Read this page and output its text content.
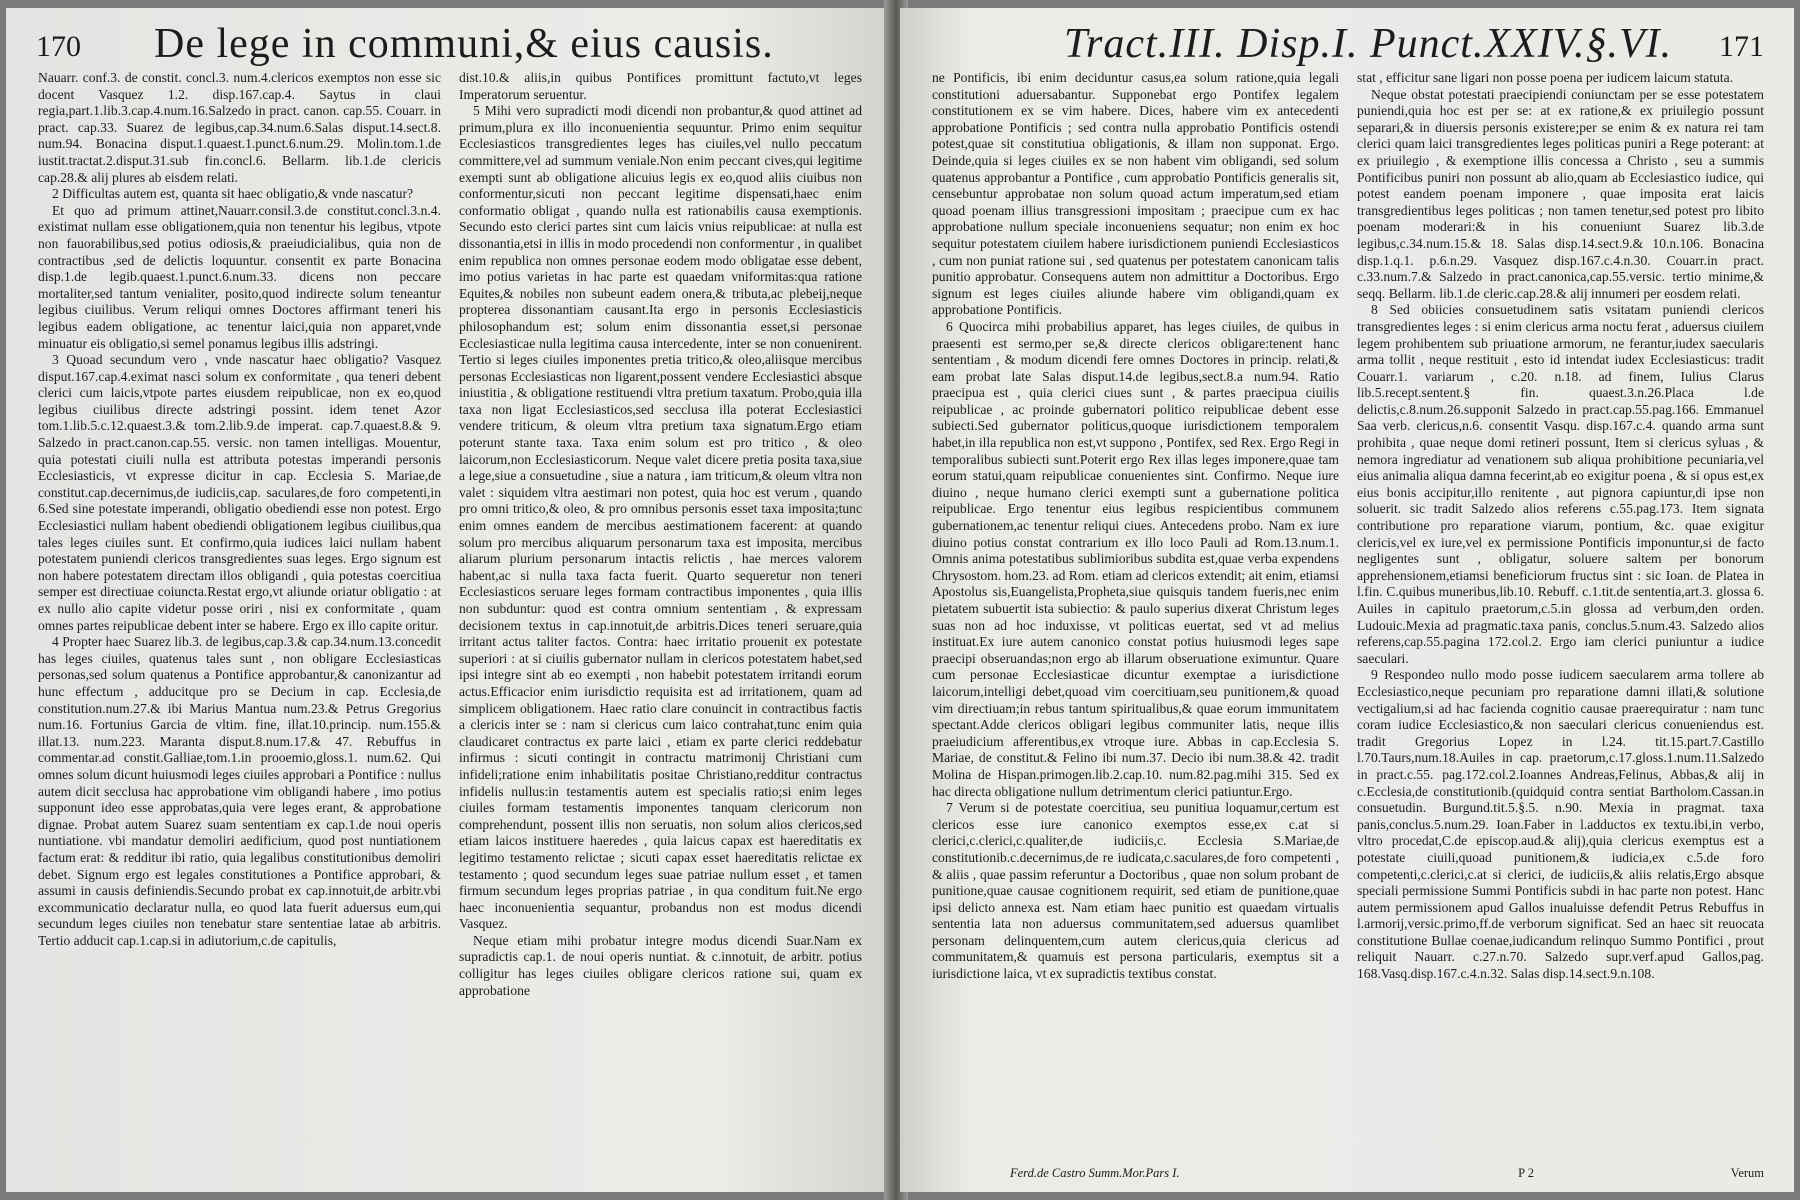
170 De lege in communi,& eius causis.

Nauarr. conf.3. de constit. concl.3. num.4.clericos exemptos non esse sic docent Vasquez 1.2. disp.167.cap.4. Saytus in claui regia,part.1.lib.3.cap.4.num.16.Salzedo in pract. canon. cap.55. Couarr. in pract. cap.33. Suarez de legibus,cap.34.num.6.Salas disput.14.sect.8. num.94. Bonacina disput.1.quaest.1.punct.6.num.29. Molin.tom.1.de iustit.tractat.2.disput.31.sub fin.concl.6. Bellarm. lib.1.de clericis cap.28.& alij plures ab eisdem relati.

2 Difficultas autem est, quanta sit haec obligatio,& vnde nascatur?

Et quo ad primum attinet,Nauarr.consil.3.de constitut.concl.3.n.4. existimat nullam esse obligationem,quia non tenentur his legibus, vtpote non fauorabilibus,sed potius odiosis,& praeiudicialibus, quia non de contractibus ,sed de delictis loquuntur. consentit ex parte Bonacina disp.1.de legib.quaest.1.punct.6.num.33. dicens non peccare mortaliter,sed tantum venialiter, posito,quod indirecte solum teneantur legibus ciuilibus. Verum reliqui omnes Doctores affirmant teneri his legibus eadem obligatione, ac tenentur laici,quia non apparet,vnde minuatur eis obligatio,si semel ponamus legibus illis adstringi.

3 Quoad secundum vero , vnde nascatur haec obligatio? Vasquez disput.167.cap.4.eximat nasci solum ex conformitate , qua teneri debent clerici cum laicis,vtpote partes eiusdem reipublicae, non ex eo,quod legibus ciuilibus directe adstringi possint. idem tenet Azor tom.1.lib.5.c.12.quaest.3.& tom.2.lib.9.de imperat. cap.7.quaest.8.& 9. Salzedo in pract.canon.cap.55. versic. non tamen intelligas. Mouentur, quia potestati ciuili nulla est attributa potestas imperandi personis Ecclesiasticis, vt expresse dicitur in cap. Ecclesia S. Mariae,de constitut.cap.decernimus,de iudiciis,cap. saculares,de foro competenti,in 6.Sed sine potestate imperandi, obligatio obediendi esse non potest. Ergo Ecclesiastici nullam habent obediendi obligationem legibus ciuilibus,qua tales leges ciuiles sunt. Et confirmo,quia iudices laici nullam habent potestatem puniendi clericos transgredientes suas leges. Ergo signum est non habere potestatem directam illos obligandi , quia potestas coercitiua semper est directiuae coiuncta.Restat ergo,vt aliunde oriatur obligatio : at ex nullo alio capite videtur posse oriri , nisi ex conformitate , quam omnes partes reipublicae debent inter se habere. Ergo ex illo capite oritur.

4 Propter haec Suarez lib.3. de legibus,cap.3.& cap.34.num.13.concedit has leges ciuiles, quatenus tales sunt , non obligare Ecclesiasticas personas,sed solum quatenus a Pontifice approbantur,& canonizantur ad hunc effectum , adducitque pro se Decium in cap. Ecclesia,de constitution.num.27.& ibi Marius Mantua num.23.& Petrus Gregorius num.16. Fortunius Garcia de vltim. fine, illat.10.princip. num.155.& illat.13. num.223. Maranta disput.8.num.17.& 47. Rebuffus in commentar.ad constit.Galliae,tom.1.in prooemio,gloss.1. num.62. Qui omnes solum dicunt huiusmodi leges ciuiles approbari a Pontifice : nullus autem dicit secclusa hac approbatione vim obligandi habere , imo potius supponunt ideo esse approbatas,quia vere leges erant, & approbatione dignae. Probat autem Suarez suam sententiam ex cap.1.de noui operis nuntiatione. vbi mandatur demoliri aedificium, quod post nuntiationem factum erat: & redditur ibi ratio, quia legalibus constitutionibus demoliri debet. Signum ergo est legales constitutiones a Pontifice approbari, & assumi in causis definiendis.Secundo probat ex cap.innotuit,de arbitr.vbi excommunicatio declaratur nulla, eo quod lata fuerit aduersus eum,qui secundum leges ciuiles non tenebatur stare sententiae latae ab arbitris. Tertio adducit cap.1.cap.si in adiutorium,c.de capitulis,

dist.10.& aliis,in quibus Pontifices promittunt factuto,vt leges Imperatorum seruentur.

5 Mihi vero supradicti modi dicendi non probantur,& quod attinet ad primum,plura ex illo inconuenientia sequuntur. Primo enim sequitur Ecclesiasticos transgredientes leges has ciuiles,vel nullo peccatum committere,vel ad summum veniale.Non enim peccant cives,qui legitime exempti sunt ab obligatione alicuius legis ex eo,quod aliis ciuibus non conformentur,sicuti non peccant legitime dispensati,haec enim conformatio obligat , quando nulla est rationabilis causa exemptionis. Secundo esto clerici partes sint cum laicis vnius reipublicae: at nulla est dissonantia,etsi in illis in modo procedendi non conformentur , in qualibet enim republica non omnes personae eodem modo obligatae esse debent, imo potius varietas in hac parte est quaedam vniformitas:qua ratione Equites,& nobiles non subeunt eadem onera,& tributa,ac plebeij,neque propterea dissonantiam causant.Ita ergo in personis Ecclesiasticis philosophandum est; solum enim dissonantia esset,si personae Ecclesiasticae nulla legitima causa intercedente, inter se non conuenirent. Tertio si leges ciuiles imponentes pretia tritico,& oleo,aliisque mercibus personas Ecclesiasticas non ligarent,possent vendere Ecclesiastici absque iniustitia , & obligatione restituendi vltra pretium taxatum. Probo,quia illa taxa non ligat Ecclesiasticos,sed secclusa illa poterat Ecclesiastici vendere triticum, & oleum vltra pretium taxa signatum.Ergo etiam poterunt stante taxa. Taxa enim solum est pro tritico , & oleo laicorum,non Ecclesiasticorum. Neque valet dicere pretia posita taxa,siue a lege,siue a consuetudine , siue a natura , iam triticum,& oleum vltra non valet : siquidem vltra aestimari non potest, quia hoc est verum , quando pro omni tritico,& oleo, & pro omnibus personis esset taxa imposita;tunc enim omnes eandem de mercibus aestimationem facerent: at quando solum pro mercibus aliquarum personarum taxa est imposita, mercibus aliarum plurium personarum intactis relictis , hae merces valorem habent,ac si nulla taxa facta fuerit. Quarto sequeretur non teneri Ecclesiasticos seruare leges formam contractibus imponentes , quia illis non subduntur: quod est contra omnium sententiam , & expressam decisionem textus in cap.innotuit,de arbitris.Dices teneri seruare,quia irritant actus taliter factos. Contra: haec irritatio prouenit ex potestate superiori : at si ciuilis gubernator nullam in clericos potestatem habet,sed ipsi integre sint ab eo exempti , non habebit potestatem irritandi eorum actus.Efficacior enim iurisdictio requisita est ad irritationem, quam ad simplicem obligationem. Haec ratio clare conuincit in contractibus factis a clericis inter se : nam si clericus cum laico contrahat,tunc enim quia claudicaret contractus ex parte laici , etiam ex parte clerici reddebatur infirmus : sicuti contingit in contractu matrimonij Christiani cum infideli;ratione enim inhabilitatis positae Christiano,redditur contractus infidelis nullus:in testamentis autem est specialis ratio;si enim leges ciuiles formam testamentis imponentes tanquam clericorum non comprehendunt, possent illis non seruatis, non solum alios clericos,sed etiam laicos instituere haeredes , quia laicus capax est haereditatis ex legitimo testamento relictae ; sicuti capax esset haereditatis relictae ex testamento ; quod secundum leges suae patriae nullum esset , et tamen firmum secundum leges proprias patriae , in qua conditum fuit.Ne ergo haec inconuenientia sequantur, probandus non est modus dicendi Vasquez.

Neque etiam mihi probatur integre modus dicendi Suar.Nam ex supradictis cap.1. de noui operis nuntiat. & c.innotuit, de arbitr. potius colligitur has leges ciuiles obligare clericos ratione sui, quam ex approbatione

Tract.III. Disp.I. Punct.XXIV.§.VI. 171

ne Pontificis, ibi enim deciduntur casus,ea solum ratione,quia legali constitutioni aduersabantur. Supponebat ergo Pontifex legalem constitutionem ex se vim habere. Dices, habere vim ex antecedenti approbatione Pontificis ; sed contra nulla approbatio Pontificis ostendi potest,quae sit constitutiua obligationis, & illam non supponat. Ergo. Deinde,quia si leges ciuiles ex se non habent vim obligandi, sed solum quatenus approbantur a Pontifice , cum approbatio Pontificis generalis sit, censebuntur approbatae non solum quoad actum imperatum,sed etiam quoad poenam illius transgressioni impositam ; praecipue cum ex hac approbatione nullum speciale inconueniens sequatur; non enim ex hoc sequitur potestatem ciuilem habere iurisdictionem puniendi Ecclesiasticos , cum non puniat ratione sui , sed quatenus per potestatem canonicam talis punitio approbatur. Consequens autem non admittitur a Doctoribus. Ergo signum est leges ciuiles aliunde habere vim obligandi,quam ex approbatione Pontificis.

6 Quocirca mihi probabilius apparet, has leges ciuiles, de quibus in praesenti est sermo,per se,& directe clericos obligare:tenent hanc sententiam , & modum dicendi fere omnes Doctores in princip. relati,& eam probat late Salas disput.14.de legibus,sect.8.a num.94. Ratio praecipua est , quia clerici ciues sunt , & partes praecipua ciuilis reipublicae , ac proinde gubernatori politico reipublicae debent esse subiecti.Sed gubernator politicus,quoque iurisdictionem temporalem habet,in illa republica non est,vt suppono , Pontifex, sed Rex. Ergo Regi in temporalibus subiecti sunt.Poterit ergo Rex illas leges imponere,quae tam eorum statui,quam reipublicae conuenientes sint. Confirmo. Neque iure diuino , neque humano clerici exempti sunt a gubernatione politica reipublicae. Ergo tenentur eius legibus respicientibus communem gubernationem,ac tenentur reliqui ciues. Antecedens probo. Nam ex iure diuino potius constat contrarium ex illo loco Pauli ad Rom.13.num.1. Omnis anima potestatibus sublimioribus subdita est,quae verba expendens Chrysostom. hom.23. ad Rom. etiam ad clericos extendit; ait enim, etiamsi Apostolus sis,Euangelista,Propheta,siue quisquis tandem fueris,nec enim pietatem subuertit ista subiectio: & paulo superius dixerat Christum leges suas non ad hoc induxisse, vt politicas euertat, sed vt ad melius instituat.Ex iure autem canonico constat potius huiusmodi leges sape praecipi obseruandas;non ergo ab illarum obseruatione eximuntur. Quare cum personae Ecclesiasticae dicuntur exemptae a iurisdictione laicorum,intelligi debet,quoad vim coercitiuam,seu punitionem,& quoad vim directiuam;in rebus tantum spiritualibus,& quae eorum immunitatem spectant.Adde clericos obligari legibus communiter latis, neque illis praeiudicium afferentibus,ex vtroque iure. Abbas in cap.Ecclesia S. Mariae, de constitut.& Felino ibi num.37. Decio ibi num.38.& 42. tradit Molina de Hispan.primogen.lib.2.cap.10. num.82.pag.mihi 315. Sed ex hac directa obligatione nullum detrimentum clerici patiuntur.Ergo.

7 Verum si de potestate coercitiua, seu punitiua loquamur,certum est clericos esse iure canonico exemptos esse,ex c.at si clerici,c.clerici,c.qualiter,de iudiciis,c. Ecclesia S.Mariae,de constitutionib.c.decernimus,de re iudicata,c.saculares,de foro competenti , & aliis , quae passim referuntur a Doctoribus , quae non solum probant de punitione,quae causae cognitionem requirit, sed etiam de punitione,quae ipsi delicto annexa est. Nam etiam haec punitio est quaedam virtualis sententia lata non aduersus communitatem,sed aduersus quamlibet personam delinquentem,cum autem clericus,quia clericus ad communitatem,& quamuis est persona particularis, exemptus sit a iurisdictione laica, vt ex supradictis textibus constat.

stat , efficitur sane ligari non posse poena per iudicem laicum statuta.

Neque obstat potestati praecipiendi coniunctam per se esse potestatem puniendi,quia hoc est per se: at ex ratione,& ex priuilegio possunt separari,& in diuersis personis existere;per se enim & ex natura rei tam clerici quam laici transgredientes leges politicas puniri a Rege poterant: at ex priuilegio , & exemptione illis concessa a Christo , seu a summis Pontificibus puniri non possunt ab alio,quam ab Ecclesiastico iudice, qui potest eandem poenam imponere , quae imposita erat laicis transgredientibus leges politicas ; non tamen tenetur,sed potest pro libito poenam moderari:& in his conueniunt Suarez lib.3.de legibus,c.34.num.15.& 18. Salas disp.14.sect.9.& 10.n.106. Bonacina disp.1.q.1. p.6.n.29. Vasquez disp.167.c.4.n.30. Couarr.in pract. c.33.num.7.& Salzedo in pract.canonica,cap.55.versic. tertio minime,& seqq. Bellarm. lib.1.de cleric.cap.28.& alij innumeri per eosdem relati.

8 Sed obiicies consuetudinem satis vsitatam puniendi clericos transgredientes leges : si enim clericus arma noctu ferat , aduersus ciuilem legem prohibentem sub priuatione armorum, ne ferantur,iudex saecularis arma tollit , neque restituit , esto id intendat iudex Ecclesiasticus: tradit Couarr.1. variarum , c.20. n.18. ad finem, Iulius Clarus lib.5.recept.sentent.§ fin. quaest.3.n.26.Placa l.de delictis,c.8.num.26.supponit Salzedo in pract.cap.55.pag.166. Emmanuel Saa verb. clericus,n.6. consentit Vasqu. disp.167.c.4. quando arma sunt prohibita , quae neque domi retineri possunt, Item si clericus syluas , & nemora ingrediatur ad venationem sub aliqua prohibitione pecuniaria,vel eius animalia aliqua damna fecerint,ab eo exigitur poena , & si opus est,ex eius bonis accipitur,illo renitente , aut pignora capiuntur,di ipse non soluerit. sic tradit Salzedo alios referens c.55.pag.173. Item signata contributione pro reparatione viarum, pontium, &c. quae exigitur clericis,vel ex iure,vel ex permissione Pontificis imponuntur,si de facto negligentes sunt , obligatur, soluere saltem per bonorum apprehensionem,etiamsi beneficiorum fructus sint : sic Ioan. de Platea in l.fin. C.quibus muneribus,lib.10. Rebuff. c.1.tit.de sententia,art.3. glossa 6. Auiles in capitulo praetorum,c.5.in glossa ad verbum,den orden. Ludouic.Mexia ad pragmatic.taxa panis, conclus.5.num.43. Salzedo alios referens,cap.55.pagina 172.col.2. Ergo iam clerici puniuntur a iudice saeculari.

9 Respondeo nullo modo posse iudicem saecularem arma tollere ab Ecclesiastico,neque pecuniam pro reparatione damni illati,& solutione vectigalium,si ad hac facienda cognitio causae praerequiratur : nam tunc coram iudice Ecclesiastico,& non saeculari clericus conueniendus est. tradit Gregorius Lopez in l.24. tit.15.part.7.Castillo l.70.Taurs,num.18.Auiles in cap. praetorum,c.17.gloss.1.num.11.Salzedo in pract.c.55. pag.172.col.2.Ioannes Andreas,Felinus, Abbas,& alij in c.Ecclesia,de constitutionib.(quidquid contra sentiat Bartholom.Cassan.in consuetudin. Burgund.tit.5.§.5. n.90. Mexia in pragmat. taxa panis,conclus.5.num.29. Ioan.Faber in l.adductos ex textu.ibi,in verbo, vltro procedat,C.de episcop.aud.& alij),quia clericus exemptus est a potestate ciuili,quoad punitionem,& iudicia,ex c.5.de foro competenti,c.clerici,c.at si clerici, de iudiciis,& aliis relatis,Ergo absque speciali permissione Summi Pontificis subdi in hac parte non potest. Hanc autem permissionem apud Gallos inualuisse defendit Petrus Rebuffus in l.armorij,versic.primo,ff.de verborum significat. Sed an haec sit reuocata constitutione Bullae coenae,iudicandum relinquo Summo Pontifici , prout reliquit Nauarr. c.27.n.70. Salzedo supr.verf.apud Gallos,pag. 168.Vasq.disp.167.c.4.n.32. Salas disp.14.sect.9.n.108.

Ferd.de Castro Summ.Mor.Pars I.	P 2	Verum
